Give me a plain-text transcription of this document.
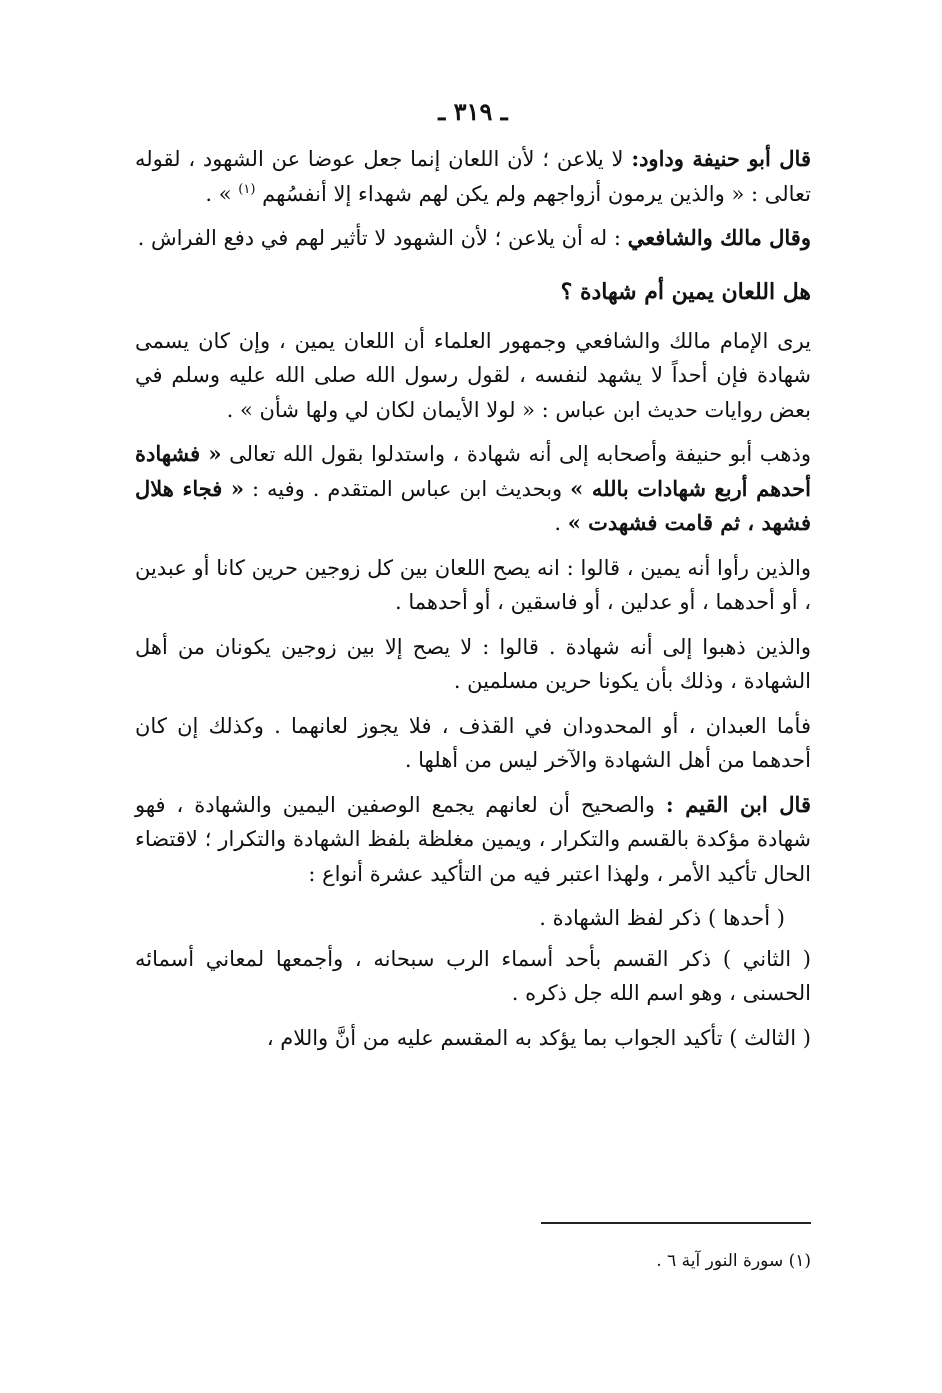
ـ ٣١٩ ـ

قال أبو حنيفة وداود: لا يلاعن ؛ لأن اللعان إنما جعل عوضا عن الشهود ، لقوله تعالى : « والذين يرمون أزواجهم ولم يكن لهم شهداء إلا أنفسُهم $^{(١)}$ » .

وقال مالك والشافعي : له أن يلاعن ؛ لأن الشهود لا تأثير لهم في دفع الفراش .

هل اللعان يمين أم شهادة ؟

يرى الإمام مالك والشافعي وجمهور العلماء أن اللعان يمين ، وإن كان يسمى شهادة فإن أحداً لا يشهد لنفسه ، لقول رسول الله صلى الله عليه وسلم في بعض روايات حديث ابن عباس : « لولا الأيمان لكان لي ولها شأن » .

وذهب أبو حنيفة وأصحابه إلى أنه شهادة ، واستدلوا بقول الله تعالى « فشهادة أحدهم أربع شهادات بالله » وبحديث ابن عباس المتقدم . وفيه : « فجاء هلال فشهد ، ثم قامت فشهدت » .

والذين رأوا أنه يمين ، قالوا : انه يصح اللعان بين كل زوجين حرين كانا أو عبدين ، أو أحدهما ، أو عدلين ، أو فاسقين ، أو أحدهما .

والذين ذهبوا إلى أنه شهادة . قالوا : لا يصح إلا بين زوجين يكونان من أهل الشهادة ، وذلك بأن يكونا حرين مسلمين .

فأما العبدان ، أو المحدودان في القذف ، فلا يجوز لعانهما . وكذلك إن كان أحدهما من أهل الشهادة والآخر ليس من أهلها .

قال ابن القيم : والصحيح أن لعانهم يجمع الوصفين اليمين والشهادة ، فهو شهادة مؤكدة بالقسم والتكرار ، ويمين مغلظة بلفظ الشهادة والتكرار ؛ لاقتضاء الحال تأكيد الأمر ، ولهذا اعتبر فيه من التأكيد عشرة أنواع :

( أحدها ) ذكر لفظ الشهادة .

( الثاني ) ذكر القسم بأحد أسماء الرب سبحانه ، وأجمعها لمعاني أسمائه الحسنى ، وهو اسم الله جل ذكره .

( الثالث ) تأكيد الجواب بما يؤكد به المقسم عليه من أنَّ واللام ،

(١) سورة النور آية ٦ .
